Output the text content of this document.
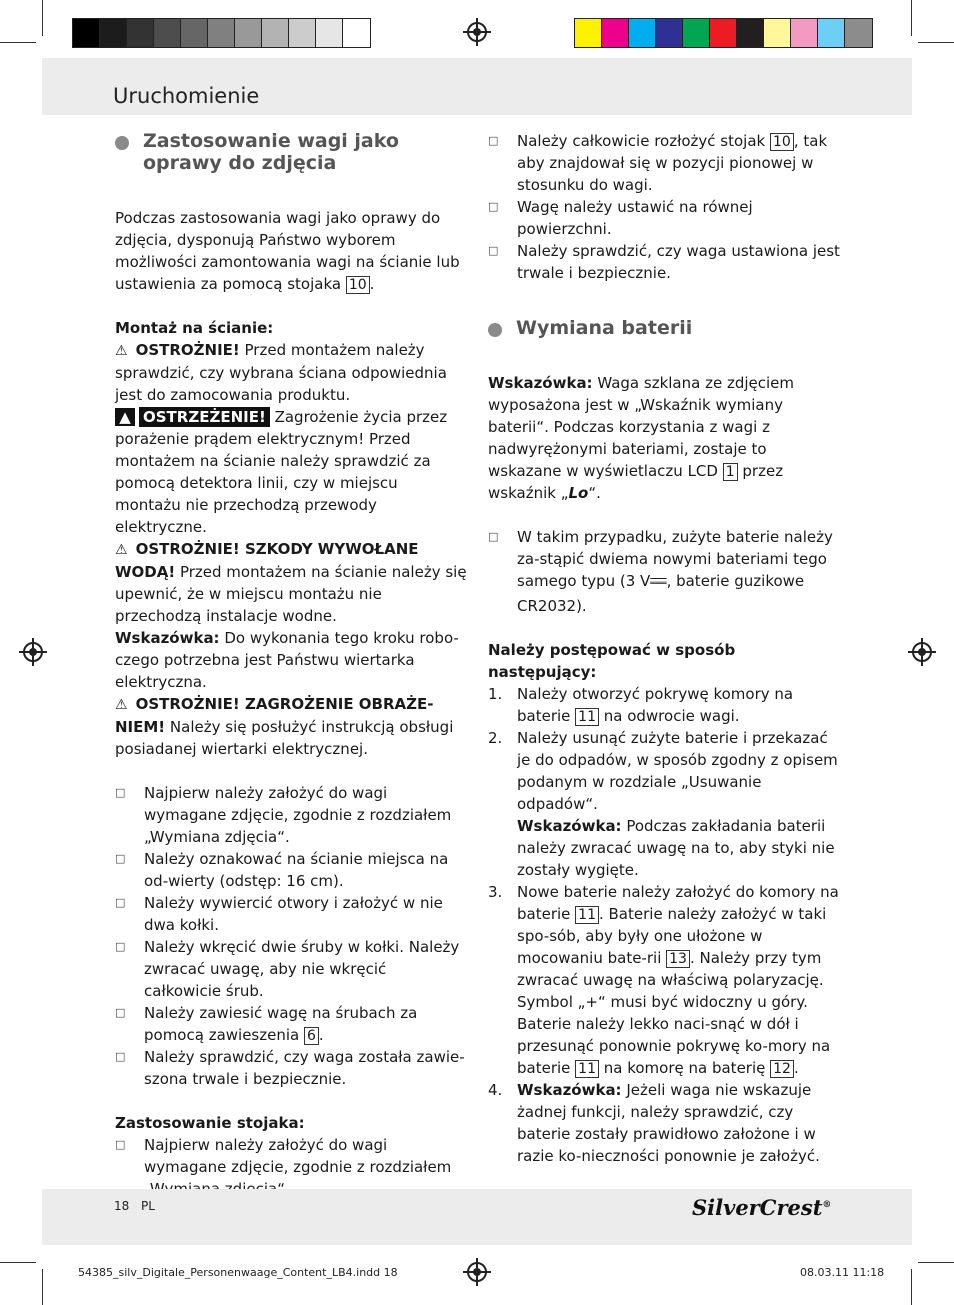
Uruchomienie
Zastosowanie wagi jako oprawy do zdjęcia

Podczas zastosowania wagi jako oprawy do zdjęcia, dysponują Państwo wyborem możliwości zamontowania wagi na ścianie lub ustawienia za pomocą stojaka 10 .

Montaż na ścianie:

⚠ OSTROŻNIE! Przed montażem należy sprawdzić, czy wybrana ściana odpowiednia jest do zamocowania produktu.

▲ OSTRZEŻENIE! Zagrożenie życia przez porażenie prądem elektrycznym! Przed montażem na ścianie należy sprawdzić za pomocą detektora linii, czy w miejscu montażu nie przechodzą przewody elektryczne.

⚠ OSTROŻNIE! SZKODY WYWOŁANE WODĄ! Przed montażem na ścianie należy się upewnić, że w miejscu montażu nie przechodzą instalacje wodne.

Wskazówka: Do wykonania tego kroku robo-czego potrzebna jest Państwu wiertarka elektryczna.

⚠ OSTROŻNIE! ZAGROŻENIE OBRAŻE-NIEM! Należy się posłużyć instrukcją obsługi posiadanej wiertarki elektrycznej.

□ Najpierw należy założyć do wagi wymagane zdjęcie, zgodnie z rozdziałem „Wymiana zdjęcia“.
□ Należy oznakować na ścianie miejsca na od-wierty (odstęp: 16 cm).
□ Należy wywiercić otwory i założyć w nie dwa kołki.
□ Należy wkręcić dwie śruby w kołki. Należy zwracać uwagę, aby nie wkręcić całkowicie śrub.
□ Należy zawiesić wagę na śrubach za pomocą zawieszenia 6 .
□ Należy sprawdzić, czy waga została zawie-szona trwale i bezpiecznie.

Zastosowanie stojaka:

□ Najpierw należy założyć do wagi wymagane zdjęcie, zgodnie z rozdziałem
□ Należy całkowicie rozłożyć stojak 10 , tak aby znajdował się w pozycji pionowej w stosunku do wagi.
□ Wagę należy ustawić na równej powierzchni.
□ Należy sprawdzić, czy waga ustawiona jest trwale i bezpiecznie.
Wymiana baterii

Wskazówka: Waga szklana ze zdjęciem wyposażona jest w „Wskaźnik wymiany baterii“. Podczas korzystania z wagi z nadwyrężonymi bateriami, zostaje to wskazane w wyświetlaczu LCD 1 przez wskaźnik „Lo“.

□ W takim przypadku, zużyte baterie należy za-stąpić dwiema nowymi bateriami tego samego typu (3 V═══, baterie guzikowe CR2032).

Należy postępować w sposób następujący:

1. Należy otworzyć pokrywę komory na baterie 11 na odwrocie wagi.
2. Należy usunąć zużyte baterie i przekazać je do odpadów, w sposób zgodny z opisem podanym w rozdziale „Usuwanie odpadów“.
Wskazówka: Podczas zakładania baterii należy zwracać uwagę na to, aby styki nie zostały wygięte.
3. Nowe baterie należy założyć do komory na baterie 11 . Baterie należy założyć w taki spo-sób, aby były one ułożone w mocowaniu bate-rii 13 . Należy przy tym zwracać uwagę na właściwą polaryzację. Symbol „+“ musi być widoczny u góry. Baterie należy lekko naci-snąć w dół i przesunąć ponownie pokrywę ko-mory na baterie 11 na komorę na baterię 12 .
4. Wskazówka: Jeżeli waga nie wskazuje żadnej funkcji, należy sprawdzić, czy baterie zostały prawidłowo założone i w razie ko-nieczności ponownie je założyć.
18 PL	SilverCrest®
54385_silv_Digitale_Personenwaage_Content_LB4.indd 18	08.03.11 11:18
